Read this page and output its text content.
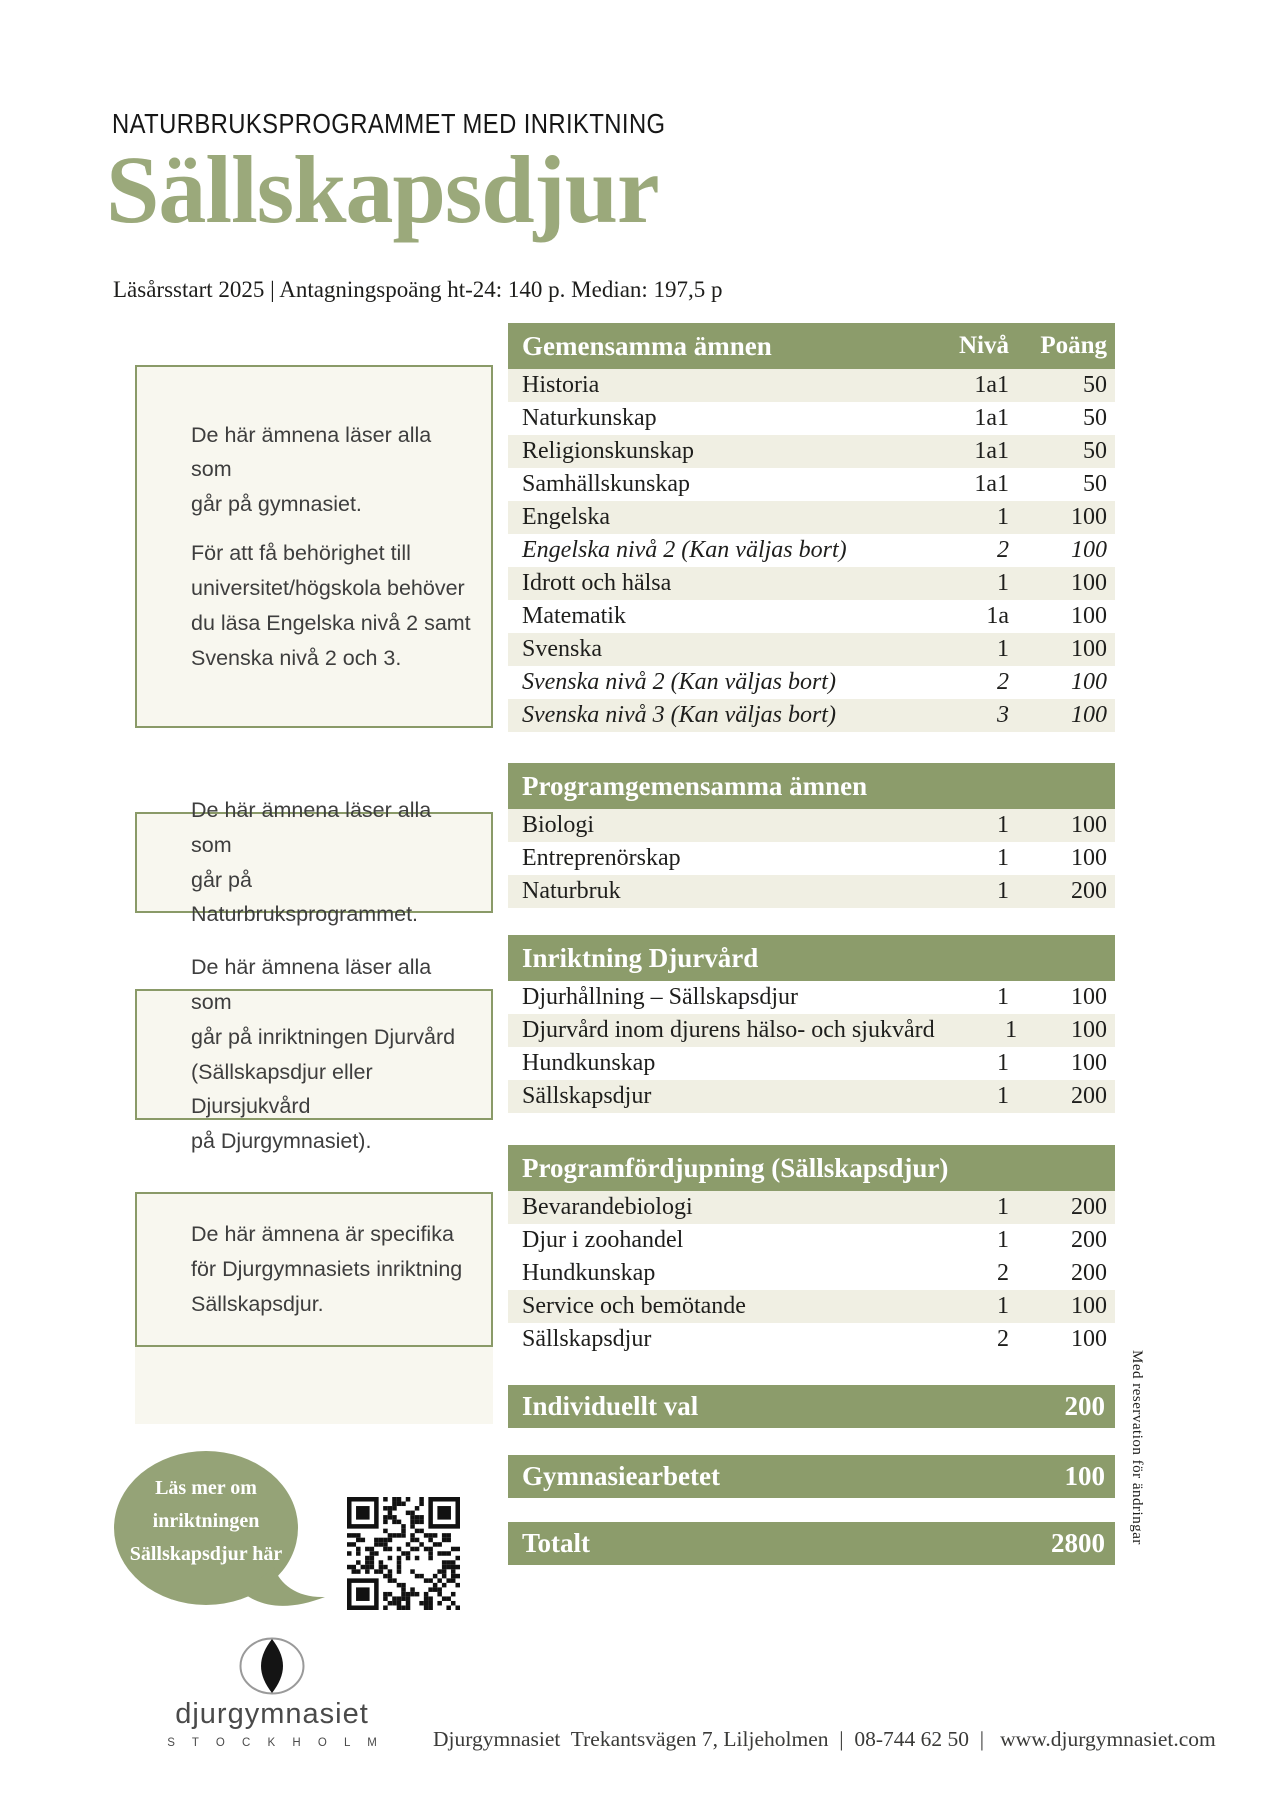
NATURBRUKSPROGRAMMET MED INRIKTNING
Sällskapsdjur
Läsårsstart 2025 | Antagningspoäng ht-24: 140 p. Median: 197,5 p

De här ämnena läser alla som
går på gymnasiet.

För att få behörighet till
universitet/högskola behöver
du läsa Engelska nivå 2 samt
Svenska nivå 2 och 3.

De här ämnena läser alla som
går på Naturbruksprogrammet.

De här ämnena läser alla som
går på inriktningen Djurvård
(Sällskapsdjur eller Djursjukvård
på Djurgymnasiet).

De här ämnena är specifika
för Djurgymnasiets inriktning
Sällskapsdjur.

Gemensamma ämnen	Nivå	Poäng
Historia	1a1	50
Naturkunskap	1a1	50
Religionskunskap	1a1	50
Samhällskunskap	1a1	50
Engelska	1	100
Engelska nivå 2 (Kan väljas bort)	2	100
Idrott och hälsa	1	100
Matematik	1a	100
Svenska	1	100
Svenska nivå 2 (Kan väljas bort)	2	100
Svenska nivå 3 (Kan väljas bort)	3	100
Programgemensamma ämnen
Biologi	1	100
Entreprenörskap	1	100
Naturbruk	1	200
Inriktning Djurvård
Djurhållning – Sällskapsdjur	1	100
Djurvård inom djurens hälso- och sjukvård	1	100
Hundkunskap	1	100
Sällskapsdjur	1	200
Programfördjupning (Sällskapsdjur)
Bevarandebiologi	1	200
Djur i zoohandel	1	200
Hundkunskap	2	200
Service och bemötande	1	100
Sällskapsdjur	2	100
Individuellt val	200
Gymnasiearbetet	100
Totalt	2800
Läs mer om
inriktningen
Sällskapsdjur här
djurgymnasiet
S T O C K H O L M	Djurgymnasiet  Trekantsvägen 7, Liljeholmen  |  08-744 62 50  |   www.djurgymnasiet.com
Med reservation för ändringar
